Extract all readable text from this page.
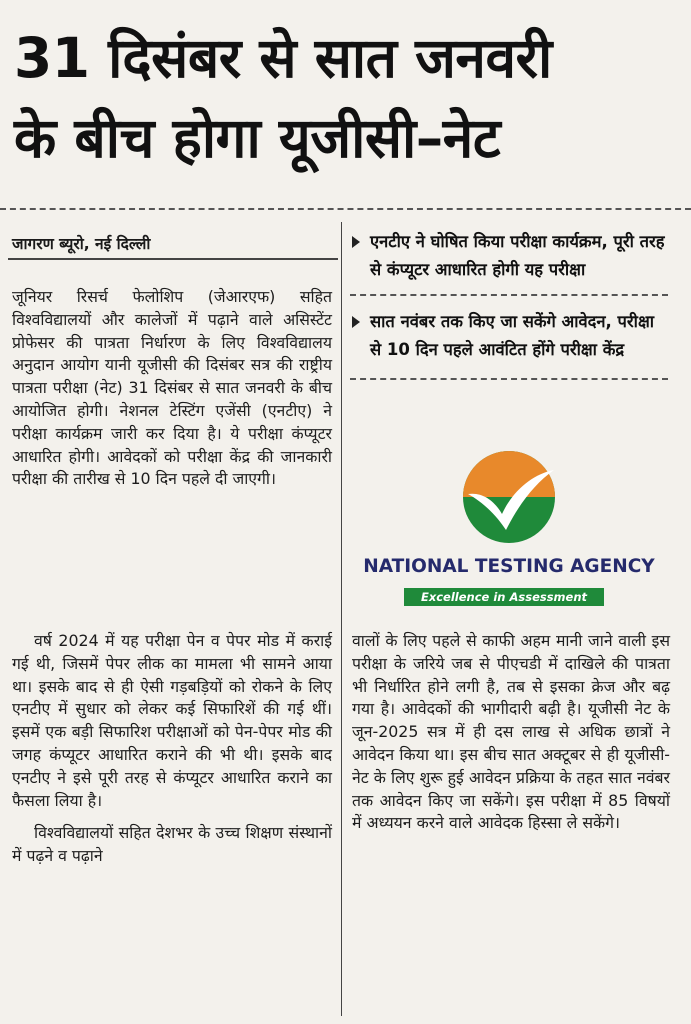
31 दिसंबर से सात जनवरी
के बीच होगा यूजीसी–नेट
जागरण ब्यूरो, नई दिल्ली

जूनियर रिसर्च फेलोशिप (जेआरएफ) सहित विश्वविद्यालयों और कालेजों में पढ़ाने वाले असिस्टेंट प्रोफेसर की पात्रता निर्धारण के लिए विश्वविद्यालय अनुदान आयोग यानी यूजीसी की दिसंबर सत्र की राष्ट्रीय पात्रता परीक्षा (नेट) 31 दिसंबर से सात जनवरी के बीच आयोजित होगी। नेशनल टेस्टिंग एजेंसी (एनटीए) ने परीक्षा कार्यक्रम जारी कर दिया है। ये परीक्षा कंप्यूटर आधारित होगी। आवेदकों को परीक्षा केंद्र की जानकारी परीक्षा की तारीख से 10 दिन पहले दी जाएगी।

वर्ष 2024 में यह परीक्षा पेन व पेपर मोड में कराई गई थी, जिसमें पेपर लीक का मामला भी सामने आया था। इसके बाद से ही ऐसी गड़बड़ियों को रोकने के लिए एनटीए में सुधार को लेकर कई सिफारिशें की गई थीं। इसमें एक बड़ी सिफारिश परीक्षाओं को पेन-पेपर मोड की जगह कंप्यूटर आधारित कराने की भी थी। इसके बाद एनटीए ने इसे पूरी तरह से कंप्यूटर आधारित कराने का फैसला लिया है।

विश्वविद्यालयों सहित देशभर के उच्च शिक्षण संस्थानों में पढ़ने व पढ़ाने

एनटीए ने घोषित किया परीक्षा कार्यक्रम, पूरी तरह से कंप्यूटर आधारित होगी यह परीक्षा
सात नवंबर तक किए जा सकेंगे आवेदन, परीक्षा से 10 दिन पहले आवंटित होंगे परीक्षा केंद्र
NATIONAL TESTING AGENCY
Excellence in Assessment

वालों के लिए पहले से काफी अहम मानी जाने वाली इस परीक्षा के जरिये जब से पीएचडी में दाखिले की पात्रता भी निर्धारित होने लगी है, तब से इसका क्रेज और बढ़ गया है। आवेदकों की भागीदारी बढ़ी है। यूजीसी नेट के जून-2025 सत्र में ही दस लाख से अधिक छात्रों ने आवेदन किया था। इस बीच सात अक्टूबर से ही यूजीसी-नेट के लिए शुरू हुई आवेदन प्रक्रिया के तहत सात नवंबर तक आवेदन किए जा सकेंगे। इस परीक्षा में 85 विषयों में अध्ययन करने वाले आवेदक हिस्सा ले सकेंगे।
